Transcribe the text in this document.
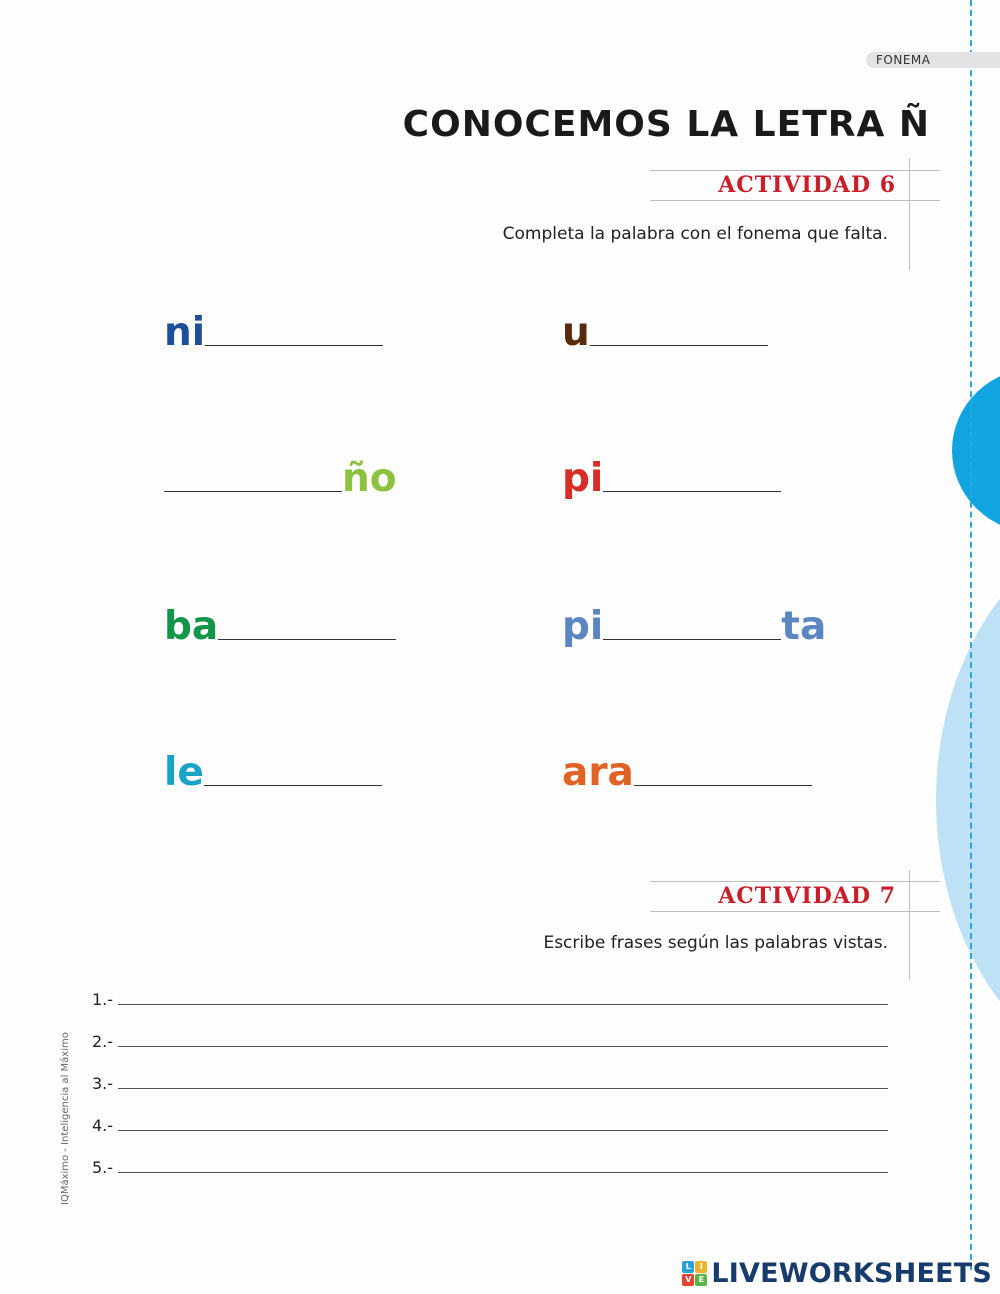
FONEMA
CONOCEMOS LA LETRA Ñ
ACTIVIDAD 6
Completa la palabra con el fonema que falta.
ni	u
ño	pi
ba	pi	ta
le	ara
ACTIVIDAD 7
Escribe frases según las palabras vistas.
1.-
2.-
3.-
4.-
5.-
IQMáximo - Inteligencia al Máximo
L	I
V E LIVEWORKSHEETS
